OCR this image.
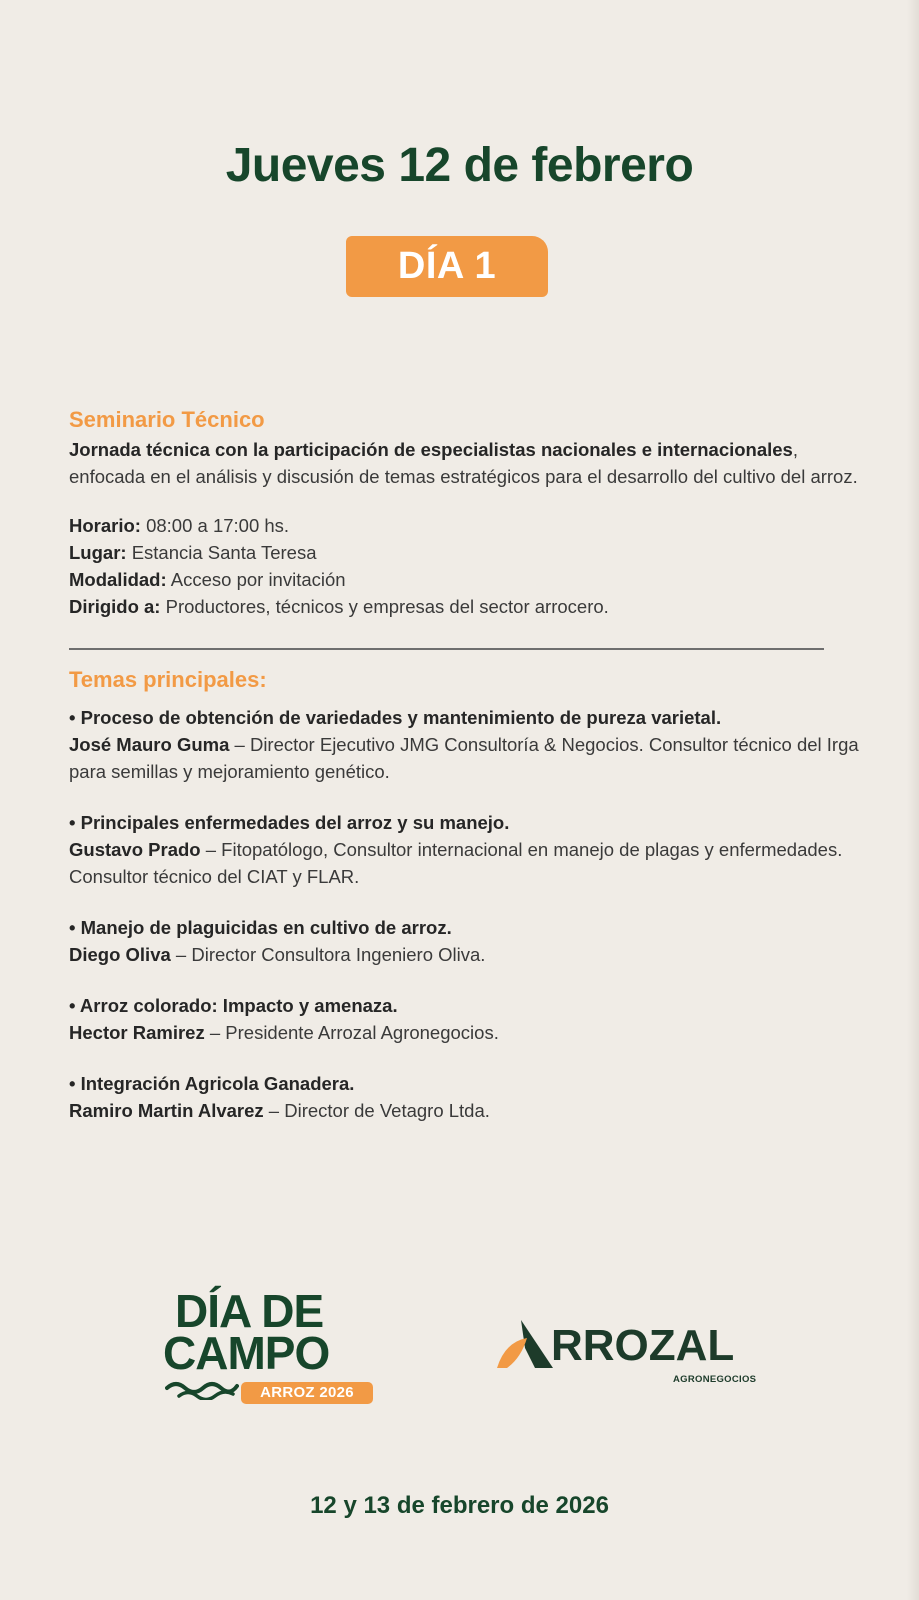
Jueves 12 de febrero
DÍA 1
Seminario Técnico
Jornada técnica con la participación de especialistas nacionales e internacionales, enfocada en el análisis y discusión de temas estratégicos para el desarrollo del cultivo del arroz.
Horario: 08:00 a 17:00 hs.
Lugar: Estancia Santa Teresa
Modalidad: Acceso por invitación
Dirigido a: Productores, técnicos y empresas del sector arrocero.
Temas principales:
• Proceso de obtención de variedades y mantenimiento de pureza varietal.
José Mauro Guma – Director Ejecutivo JMG Consultoría & Negocios. Consultor técnico del Irga para semillas y mejoramiento genético.
• Principales enfermedades del arroz y su manejo.
Gustavo Prado – Fitopatólogo, Consultor internacional en manejo de plagas y enfermedades. Consultor técnico del CIAT y FLAR.
• Manejo de plaguicidas en cultivo de arroz.
Diego Oliva – Director Consultora Ingeniero Oliva.
• Arroz colorado: Impacto y amenaza.
Hector Ramirez – Presidente Arrozal Agronegocios.
• Integración Agricola Ganadera.
Ramiro Martin Alvarez – Director de Vetagro Ltda.
DÍA DE
CAMPO
ARROZ 2026
RROZAL
AGRONEGOCIOS
12 y 13 de febrero de 2026
